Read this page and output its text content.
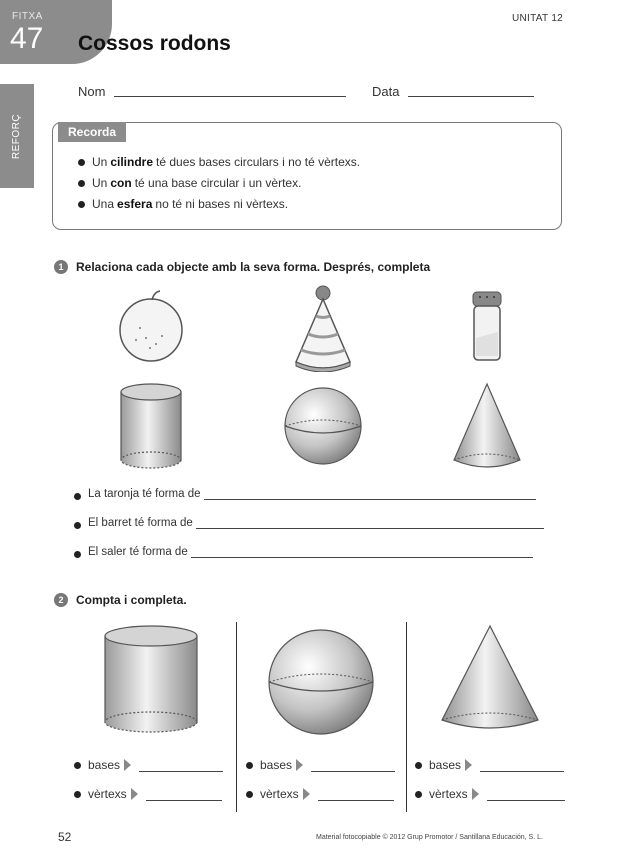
FITXA
47 Cossos rodons
UNITAT 12
REFORÇ
Nom	Data
Recorda
Un cilindre té dues bases circulars i no té vèrtexs.
Un con té una base circular i un vèrtex.
Una esfera no té ni bases ni vèrtexs.
1	Relaciona cada objecte amb la seva forma. Després, completa
La taronja té forma de
El barret té forma de
El saler té forma de
2	Compta i completa.
bases
vèrtexs
bases
vèrtexs
bases
vèrtexs
52	Material fotocopiable © 2012 Grup Promotor / Santillana Educación, S. L.
